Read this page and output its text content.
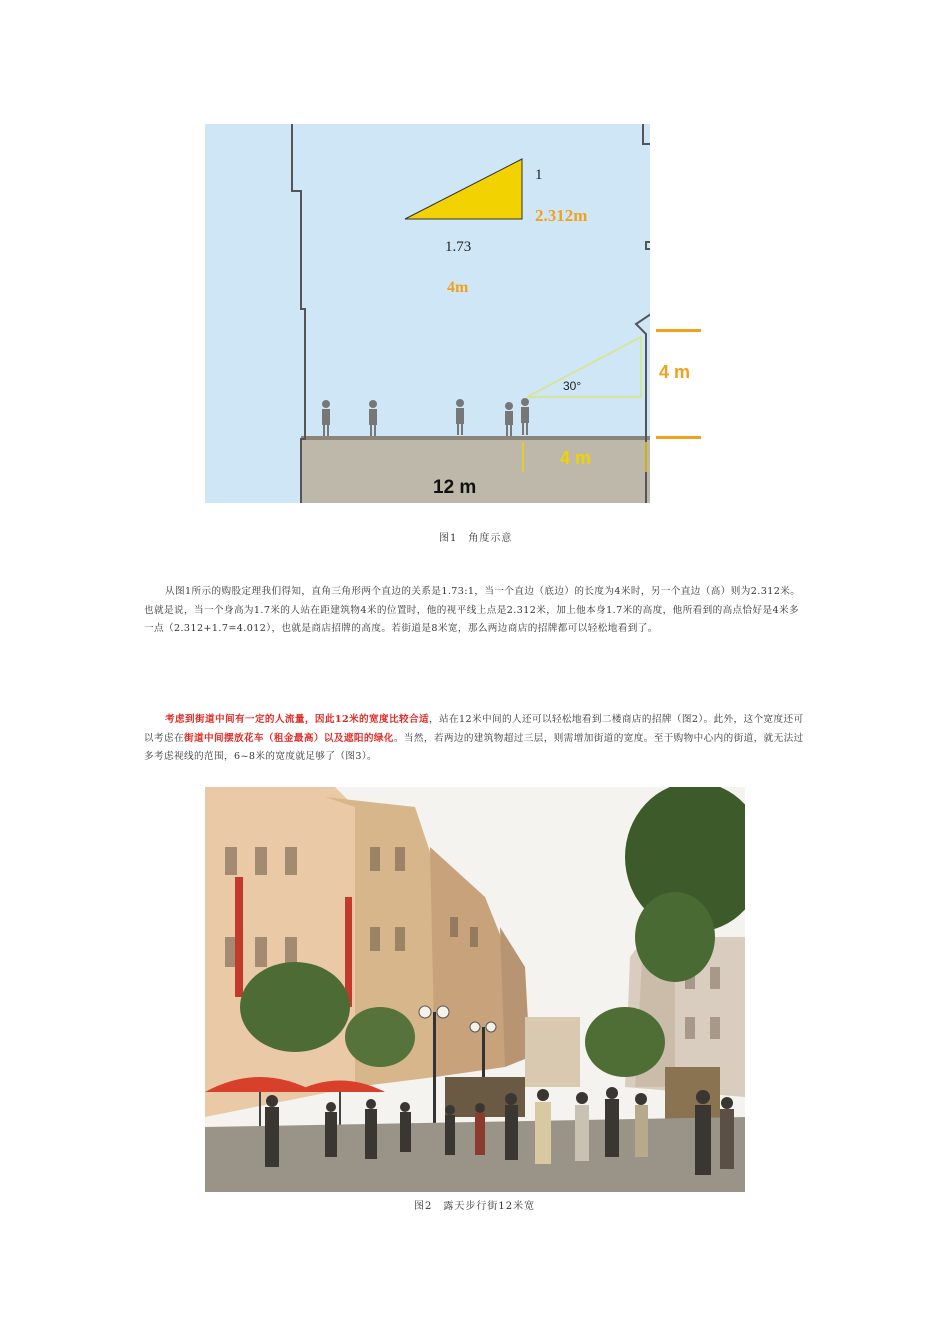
1
2.312m
1.73
4m
30°
4 m
4 m
12 m
图1　角度示意

从图1所示的购股定理我们得知，直角三角形两个直边的关系是1.73:1，当一个直边（底边）的长度为4米时，另一个直边（高）则为2.312米。也就是说，当一个身高为1.7米的人站在距建筑物4米的位置时，他的视平线上点是2.312米，加上他本身1.7米的高度，他所看到的高点恰好是4米多一点（2.312+1.7=4.012），也就是商店招牌的高度。若街道是8米宽，那么两边商店的招牌都可以轻松地看到了。

考虑到街道中间有一定的人流量，因此12米的宽度比较合适，站在12米中间的人还可以轻松地看到二楼商店的招牌（图2）。此外，这个宽度还可以考虑在街道中间摆放花车（租金最高）以及遮阳的绿化。当然，若两边的建筑物超过三层，则需增加街道的宽度。至于购物中心内的街道，就无法过多考虑视线的范围，6~8米的宽度就足够了（图3）。

图2　露天步行街12米宽
